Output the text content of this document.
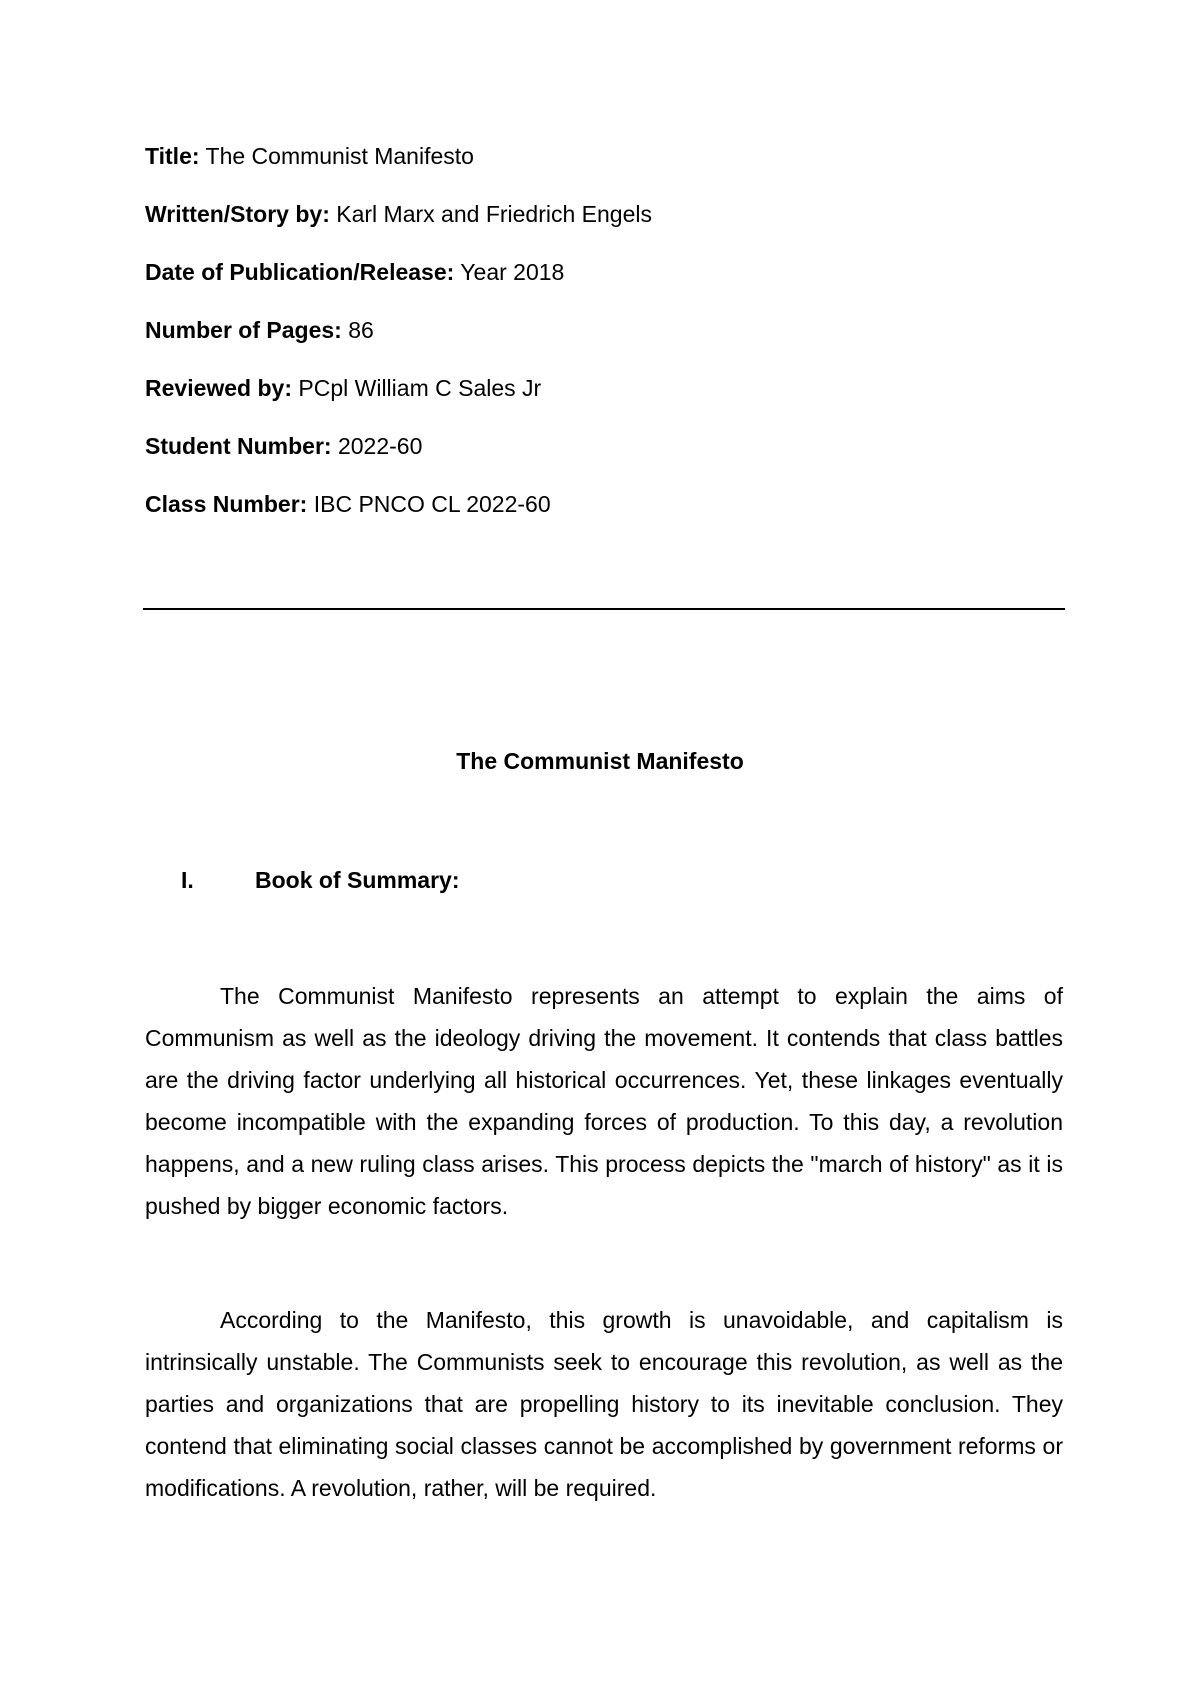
Title: The Communist Manifesto
Written/Story by: Karl Marx and Friedrich Engels
Date of Publication/Release: Year 2018
Number of Pages: 86
Reviewed by: PCpl William C Sales Jr
Student Number: 2022-60
Class Number: IBC PNCO CL 2022-60
The Communist Manifesto
I.	Book of Summary:

The Communist Manifesto represents an attempt to explain the aims of Communism as well as the ideology driving the movement. It contends that class battles are the driving factor underlying all historical occurrences. Yet, these linkages eventually become incompatible with the expanding forces of production. To this day, a revolution happens, and a new ruling class arises. This process depicts the "march of history" as it is pushed by bigger economic factors.

According to the Manifesto, this growth is unavoidable, and capitalism is intrinsically unstable. The Communists seek to encourage this revolution, as well as the parties and organizations that are propelling history to its inevitable conclusion. They contend that eliminating social classes cannot be accomplished by government reforms or modifications. A revolution, rather, will be required.
